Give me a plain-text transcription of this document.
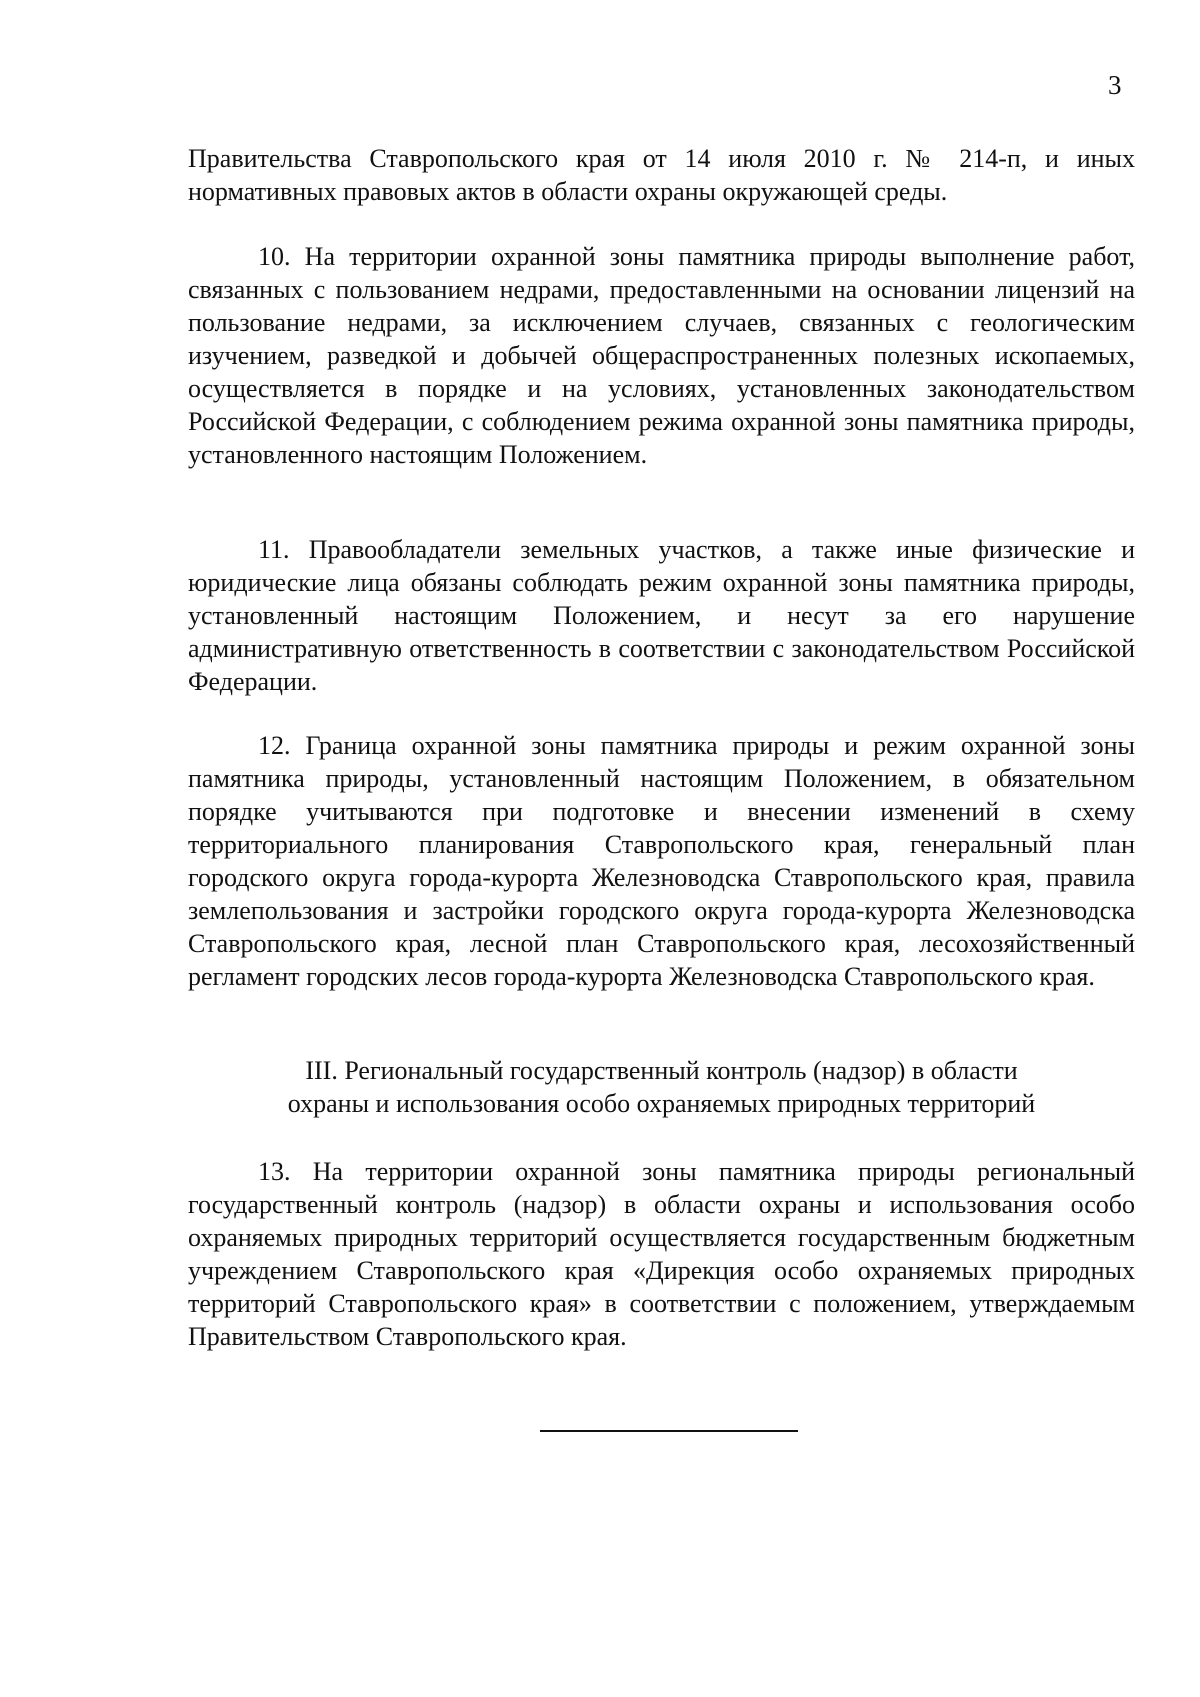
3

Правительства Ставропольского края от 14 июля 2010 г. № 214-п, и иных нормативных правовых актов в области охраны окружающей среды.

10. На территории охранной зоны памятника природы выполнение работ, связанных с пользованием недрами, предоставленными на основании лицензий на пользование недрами, за исключением случаев, связанных с геологическим изучением, разведкой и добычей общераспространенных полезных ископаемых, осуществляется в порядке и на условиях, установленных законодательством Российской Федерации, с соблюдением режима охранной зоны памятника природы, установленного настоящим Положением.

11. Правообладатели земельных участков, а также иные физические и юридические лица обязаны соблюдать режим охранной зоны памятника природы, установленный настоящим Положением, и несут за его нарушение административную ответственность в соответствии с законодательством Российской Федерации.

12. Граница охранной зоны памятника природы и режим охранной зоны памятника природы, установленный настоящим Положением, в обязательном порядке учитываются при подготовке и внесении изменений в схему территориального планирования Ставропольского края, генеральный план городского округа города-курорта Железноводска Ставропольского края, правила землепользования и застройки городского округа города-курорта Железноводска Ставропольского края, лесной план Ставропольского края, лесохозяйственный регламент городских лесов города-курорта Железноводска Ставропольского края.

III. Региональный государственный контроль (надзор) в области
охраны и использования особо охраняемых природных территорий

13. На территории охранной зоны памятника природы региональный государственный контроль (надзор) в области охраны и использования особо охраняемых природных территорий осуществляется государственным бюджетным учреждением Ставропольского края «Дирекция особо охраняемых природных территорий Ставропольского края» в соответствии с положением, утверждаемым Правительством Ставропольского края.
